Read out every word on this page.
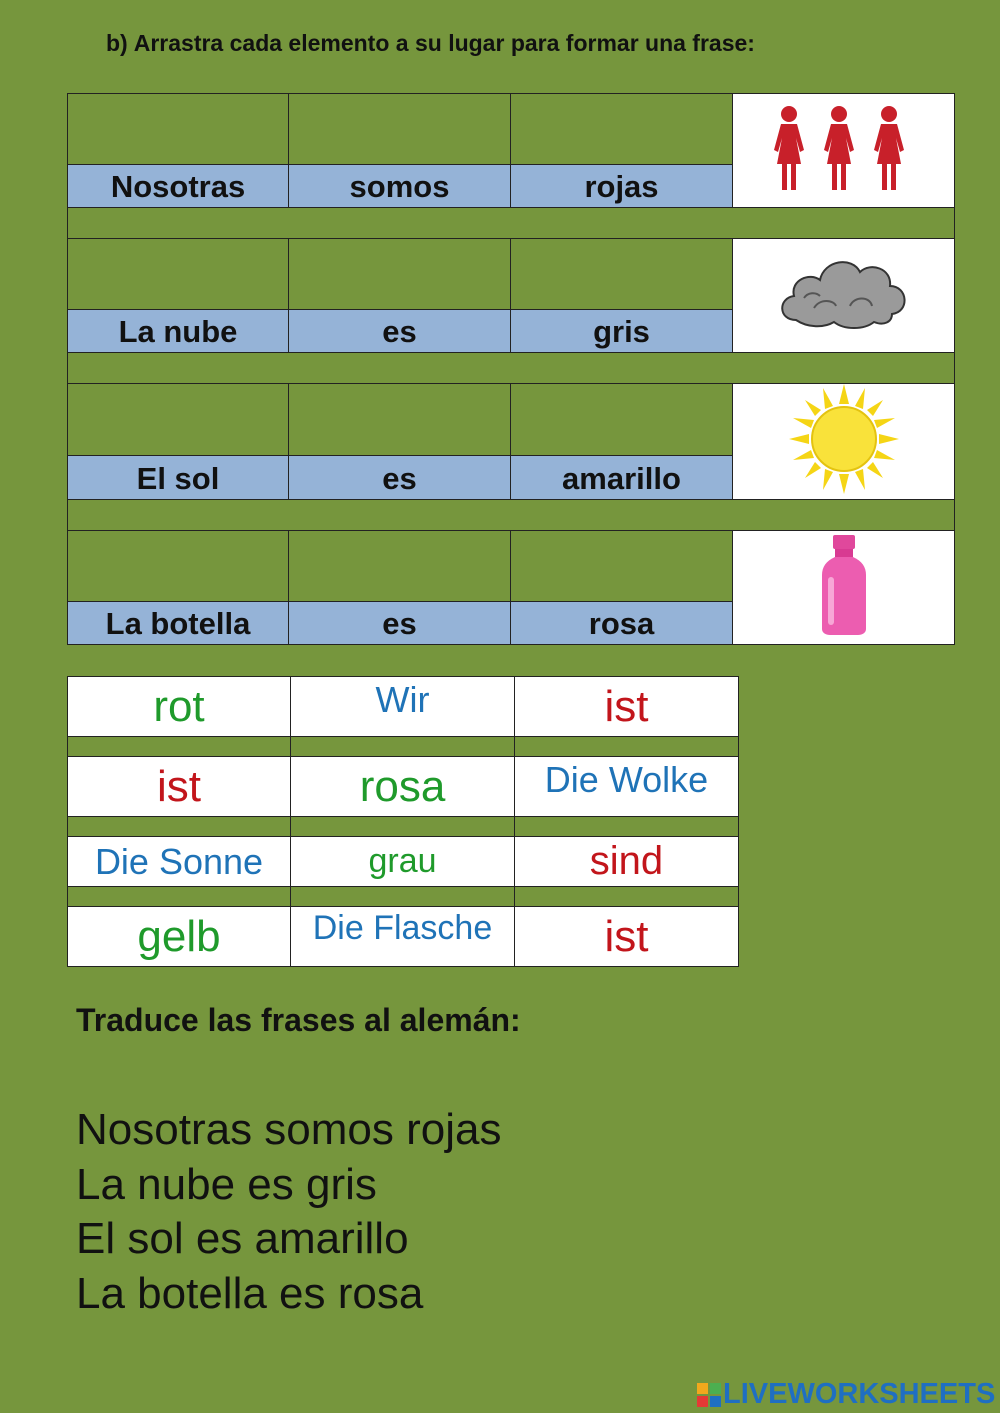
b) Arrastra cada elemento a su lugar para formar una frase:

Nosotras	somos	rojas	

La nube	es	gris	

El sol	es	amarillo	

La botella	es	rosa	
rot	Wir	ist

ist	rosa	Die Wolke

Die Sonne	grau	sind

gelb	Die Flasche	ist
Traduce las frases al alemán:
Nosotras somos rojas
La nube es gris
El sol es amarillo
La botella es rosa
LIVEWORKSHEETS
